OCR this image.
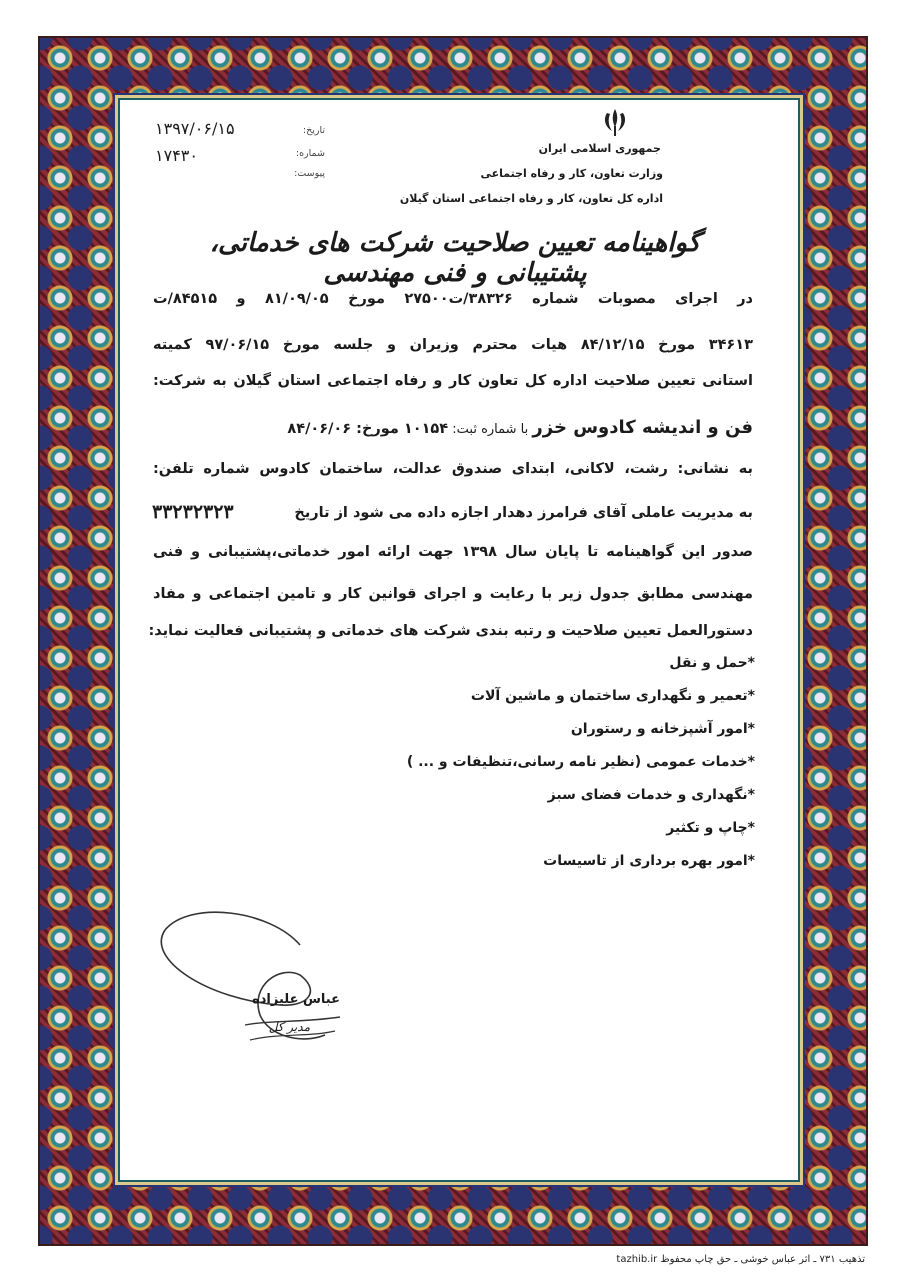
جمهوری اسلامی ایران
وزارت تعاون، کار و رفاه اجتماعی
اداره کل تعاون، کار و رفاه اجتماعی استان گیلان
تاریخ:
شماره:
پیوست:
۱۳۹۷/۰۶/۱۵
۱۷۴۳۰
گواهینامه تعیین صلاحیت شرکت های خدماتی، پشتیبانی و فنی مهندسی
در اجرای مصوبات شماره ۳۸۳۲۶/ت۲۷۵۰۰ مورخ ۸۱/۰۹/۰۵ و ۸۴۵۱۵/ت
۳۴۶۱۳ مورخ ۸۴/۱۲/۱۵ هیات محترم وزیران و جلسه مورخ ۹۷/۰۶/۱۵ کمیته
استانی تعیین صلاحیت اداره کل تعاون کار و رفاه اجتماعی استان گیلان به شرکت:
فن و اندیشه کادوس خزر با شماره ثبت: ۱۰۱۵۴ مورخ: ۸۴/۰۶/۰۶
به نشانی: رشت، لاکانی، ابتدای صندوق عدالت، ساختمان کادوس شماره تلفن:
۳۳۲۳۲۳۲۳	به مدیریت عاملی آقای فرامرز دهدار اجازه داده می شود از تاریخ
صدور این گواهینامه تا پایان سال ۱۳۹۸ جهت ارائه امور خدماتی،پشتیبانی و فنی
مهندسی مطابق جدول زیر با رعایت و اجرای قوانین کار و تامین اجتماعی و مفاد
دستورالعمل تعیین صلاحیت و رتبه بندی شرکت های خدماتی و پشتیبانی فعالیت نماید:
*حمل و نقل
*تعمیر و نگهداری ساختمان و ماشین آلات
*امور آشپزخانه و رستوران
*خدمات عمومی (نظیر نامه رسانی،تنظیفات و ... )
*نگهداری و خدمات فضای سبز
*چاپ و تکثیر
*امور بهره برداری از تاسیسات
عباس علیزاده
مدیر کل
تذهیب ۷۳۱ ـ اثر عباس خوشی ـ حق چاپ محفوظ tazhib.ir
